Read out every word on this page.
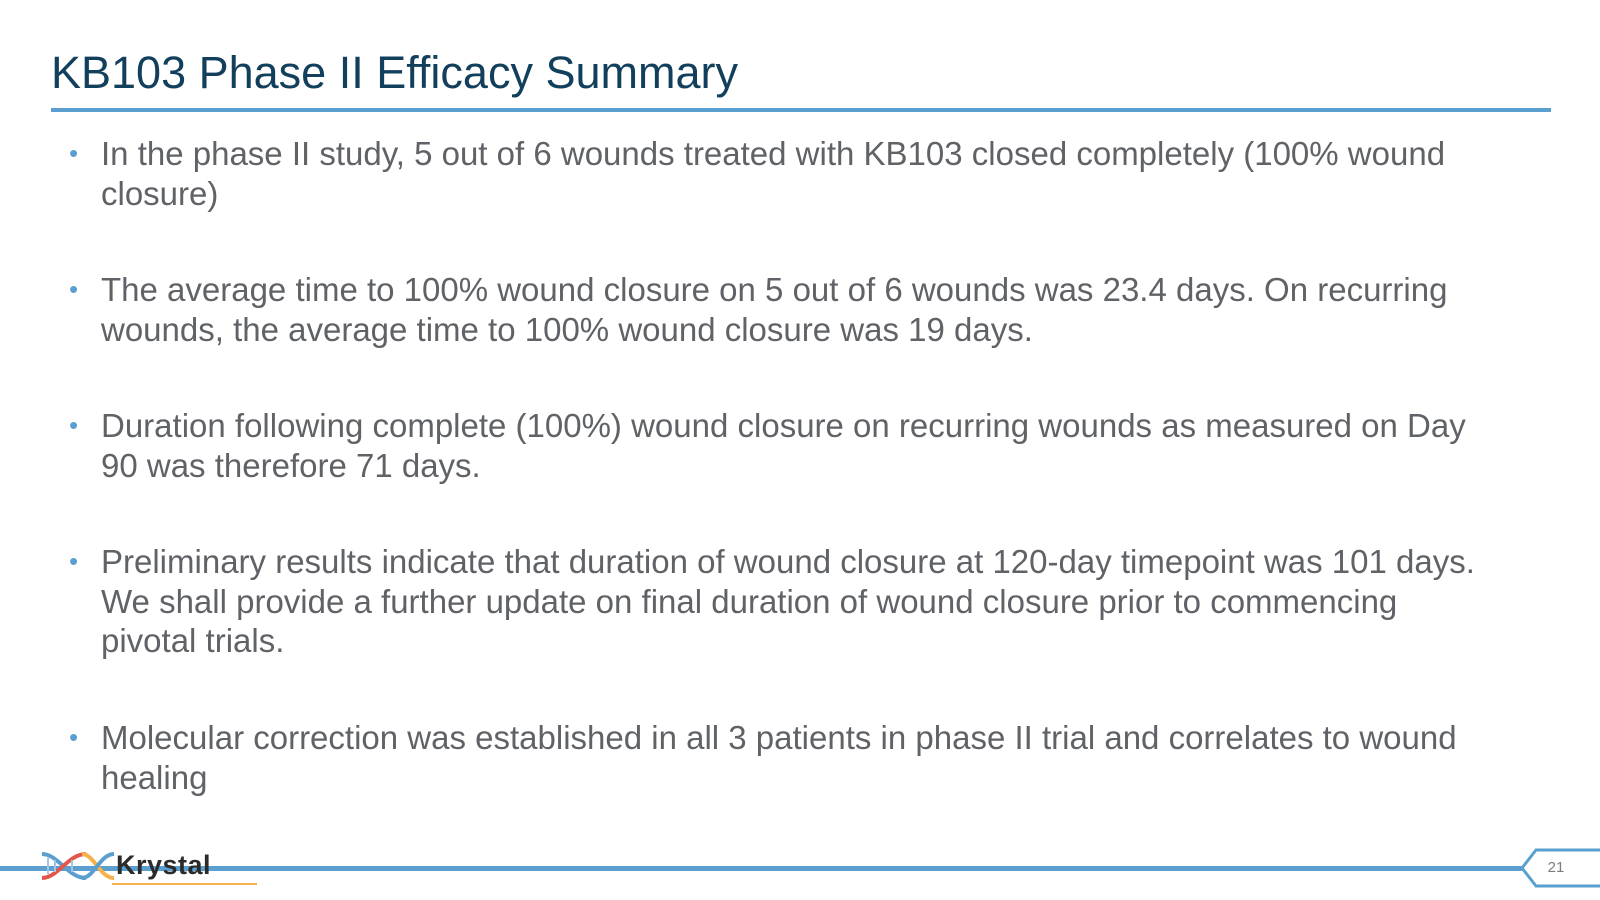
KB103 Phase II Efficacy Summary
• In the phase II study, 5 out of 6 wounds treated with KB103 closed completely (100% wound closure)
• The average time to 100% wound closure on 5 out of 6 wounds was 23.4 days. On recurring wounds, the average time to 100% wound closure was 19 days.
• Duration following complete (100%) wound closure on recurring wounds as measured on Day 90 was therefore 71 days.
• Preliminary results indicate that duration of wound closure at 120-day timepoint was 101 days. We shall provide a further update on final duration of wound closure prior to commencing pivotal trials.
• Molecular correction was established in all 3 patients in phase II trial and correlates to wound healing
Krystal	21
